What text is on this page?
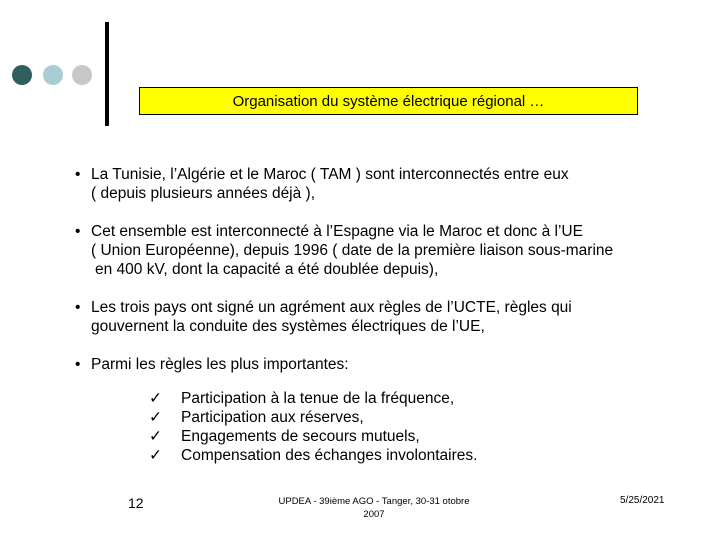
Organisation du système électrique régional …
• La Tunisie, l’Algérie et le Maroc ( TAM ) sont interconnectés entre eux
( depuis plusieurs années déjà ),
• Cet ensemble est interconnecté à l’Espagne via le Maroc et donc à l’UE
( Union Européenne), depuis 1996 ( date de la première liaison sous-marine
en 400 kV, dont la capacité a été doublée depuis),
• Les trois pays ont signé un agrément aux règles de l’UCTE, règles qui
gouvernent la conduite des systèmes électriques de l’UE,
• Parmi les règles les plus importantes:
✓	Participation à la tenue de la fréquence,
✓	Participation aux réserves,
✓	Engagements de secours mutuels,
✓	Compensation des échanges involontaires.
12	UPDEA - 39ième AGO - Tanger, 30-31 otobre
2007
5/25/2021
